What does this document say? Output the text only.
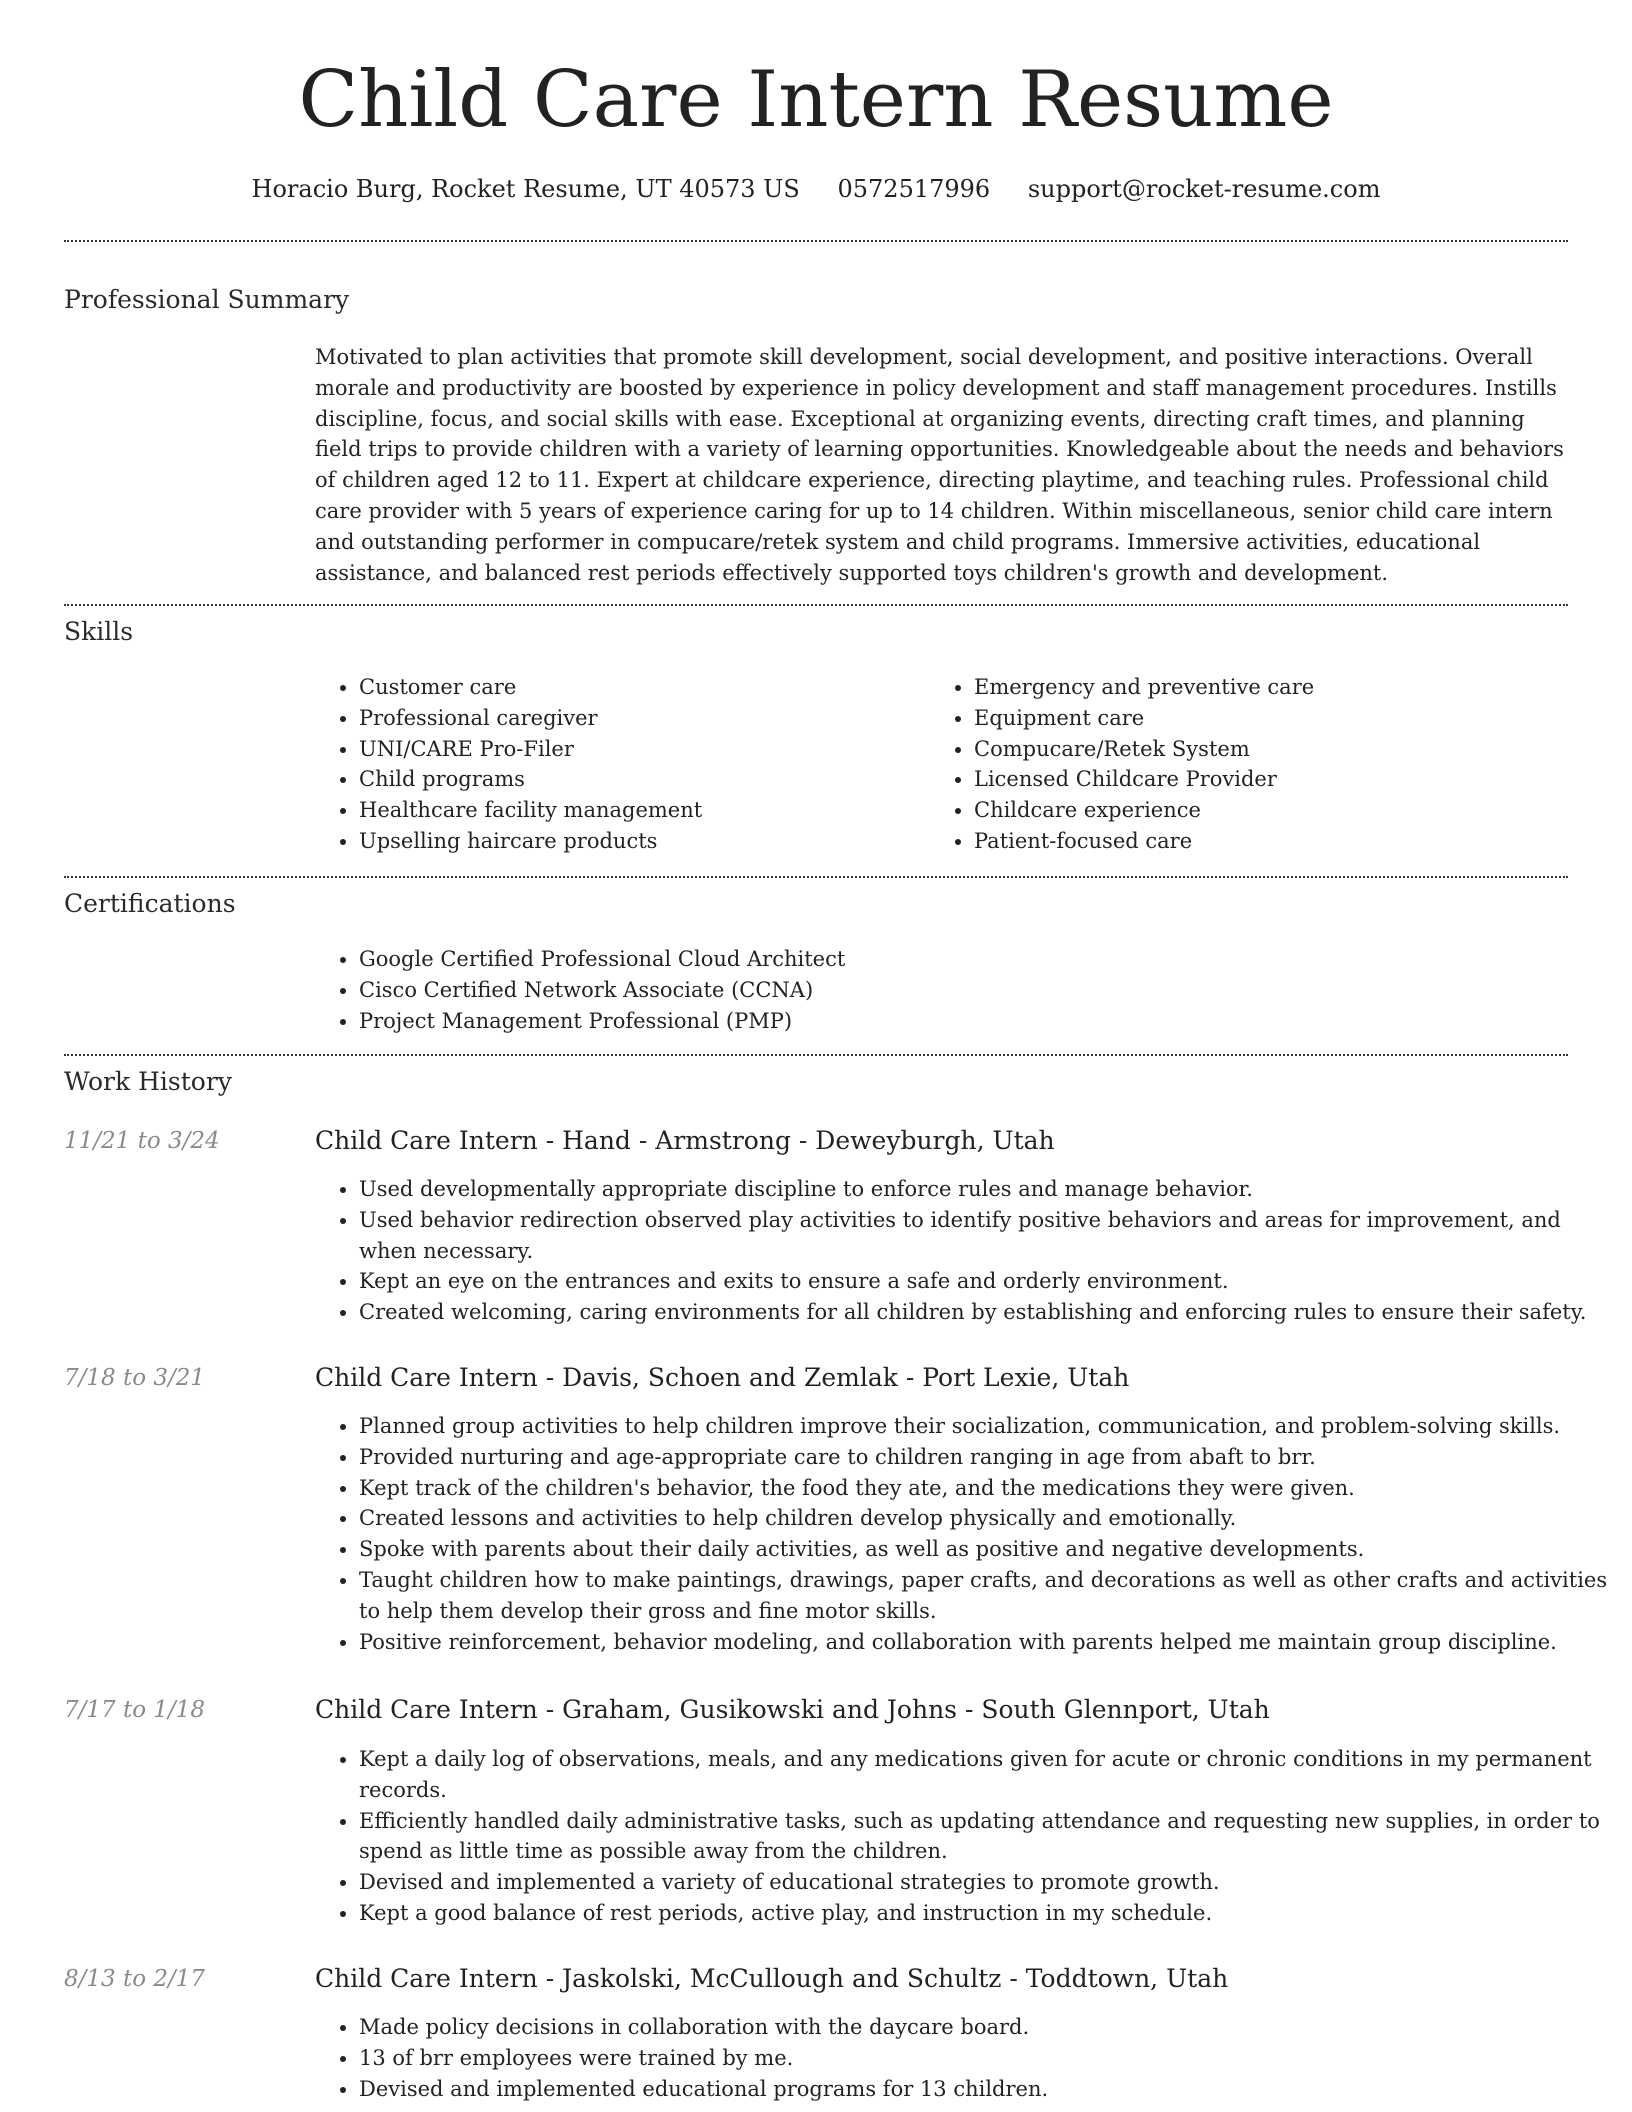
Child Care Intern Resume
Horacio Burg, Rocket Resume, UT 40573 US 0572517996 support@rocket-resume.com
Professional Summary

Motivated to plan activities that promote skill development, social development, and positive interactions. Overall morale and productivity are boosted by experience in policy development and staff management procedures. Instills discipline, focus, and social skills with ease. Exceptional at organizing events, directing craft times, and planning field trips to provide children with a variety of learning opportunities. Knowledgeable about the needs and behaviors of children aged 12 to 11. Expert at childcare experience, directing playtime, and teaching rules. Professional child care provider with 5 years of experience caring for up to 14 children. Within miscellaneous, senior child care intern and outstanding performer in compucare/retek system and child programs. Immersive activities, educational assistance, and balanced rest periods effectively supported toys children's growth and development.

Skills
• Customer care
• Professional caregiver
• UNI/CARE Pro-Filer
• Child programs
• Healthcare facility management
• Upselling haircare products
• Emergency and preventive care
• Equipment care
• Compucare/Retek System
• Licensed Childcare Provider
• Childcare experience
• Patient-focused care
Certifications
• Google Certified Professional Cloud Architect
• Cisco Certified Network Associate (CCNA)
• Project Management Professional (PMP)
Work History
11/21 to 3/24	Child Care Intern - Hand - Armstrong - Deweyburgh, Utah
• Used developmentally appropriate discipline to enforce rules and manage behavior.
• Used behavior redirection observed play activities to identify positive behaviors and areas for improvement, and when necessary.
• Kept an eye on the entrances and exits to ensure a safe and orderly environment.
• Created welcoming, caring environments for all children by establishing and enforcing rules to ensure their safety.
7/18 to 3/21	Child Care Intern - Davis, Schoen and Zemlak - Port Lexie, Utah
• Planned group activities to help children improve their socialization, communication, and problem-solving skills.
• Provided nurturing and age-appropriate care to children ranging in age from abaft to brr.
• Kept track of the children's behavior, the food they ate, and the medications they were given.
• Created lessons and activities to help children develop physically and emotionally.
• Spoke with parents about their daily activities, as well as positive and negative developments.
• Taught children how to make paintings, drawings, paper crafts, and decorations as well as other crafts and activities to help them develop their gross and fine motor skills.
• Positive reinforcement, behavior modeling, and collaboration with parents helped me maintain group discipline.
7/17 to 1/18	Child Care Intern - Graham, Gusikowski and Johns - South Glennport, Utah
• Kept a daily log of observations, meals, and any medications given for acute or chronic conditions in my permanent records.
• Efficiently handled daily administrative tasks, such as updating attendance and requesting new supplies, in order to spend as little time as possible away from the children.
• Devised and implemented a variety of educational strategies to promote growth.
• Kept a good balance of rest periods, active play, and instruction in my schedule.
8/13 to 2/17	Child Care Intern - Jaskolski, McCullough and Schultz - Toddtown, Utah
• Made policy decisions in collaboration with the daycare board.
• 13 of brr employees were trained by me.
• Devised and implemented educational programs for 13 children.
